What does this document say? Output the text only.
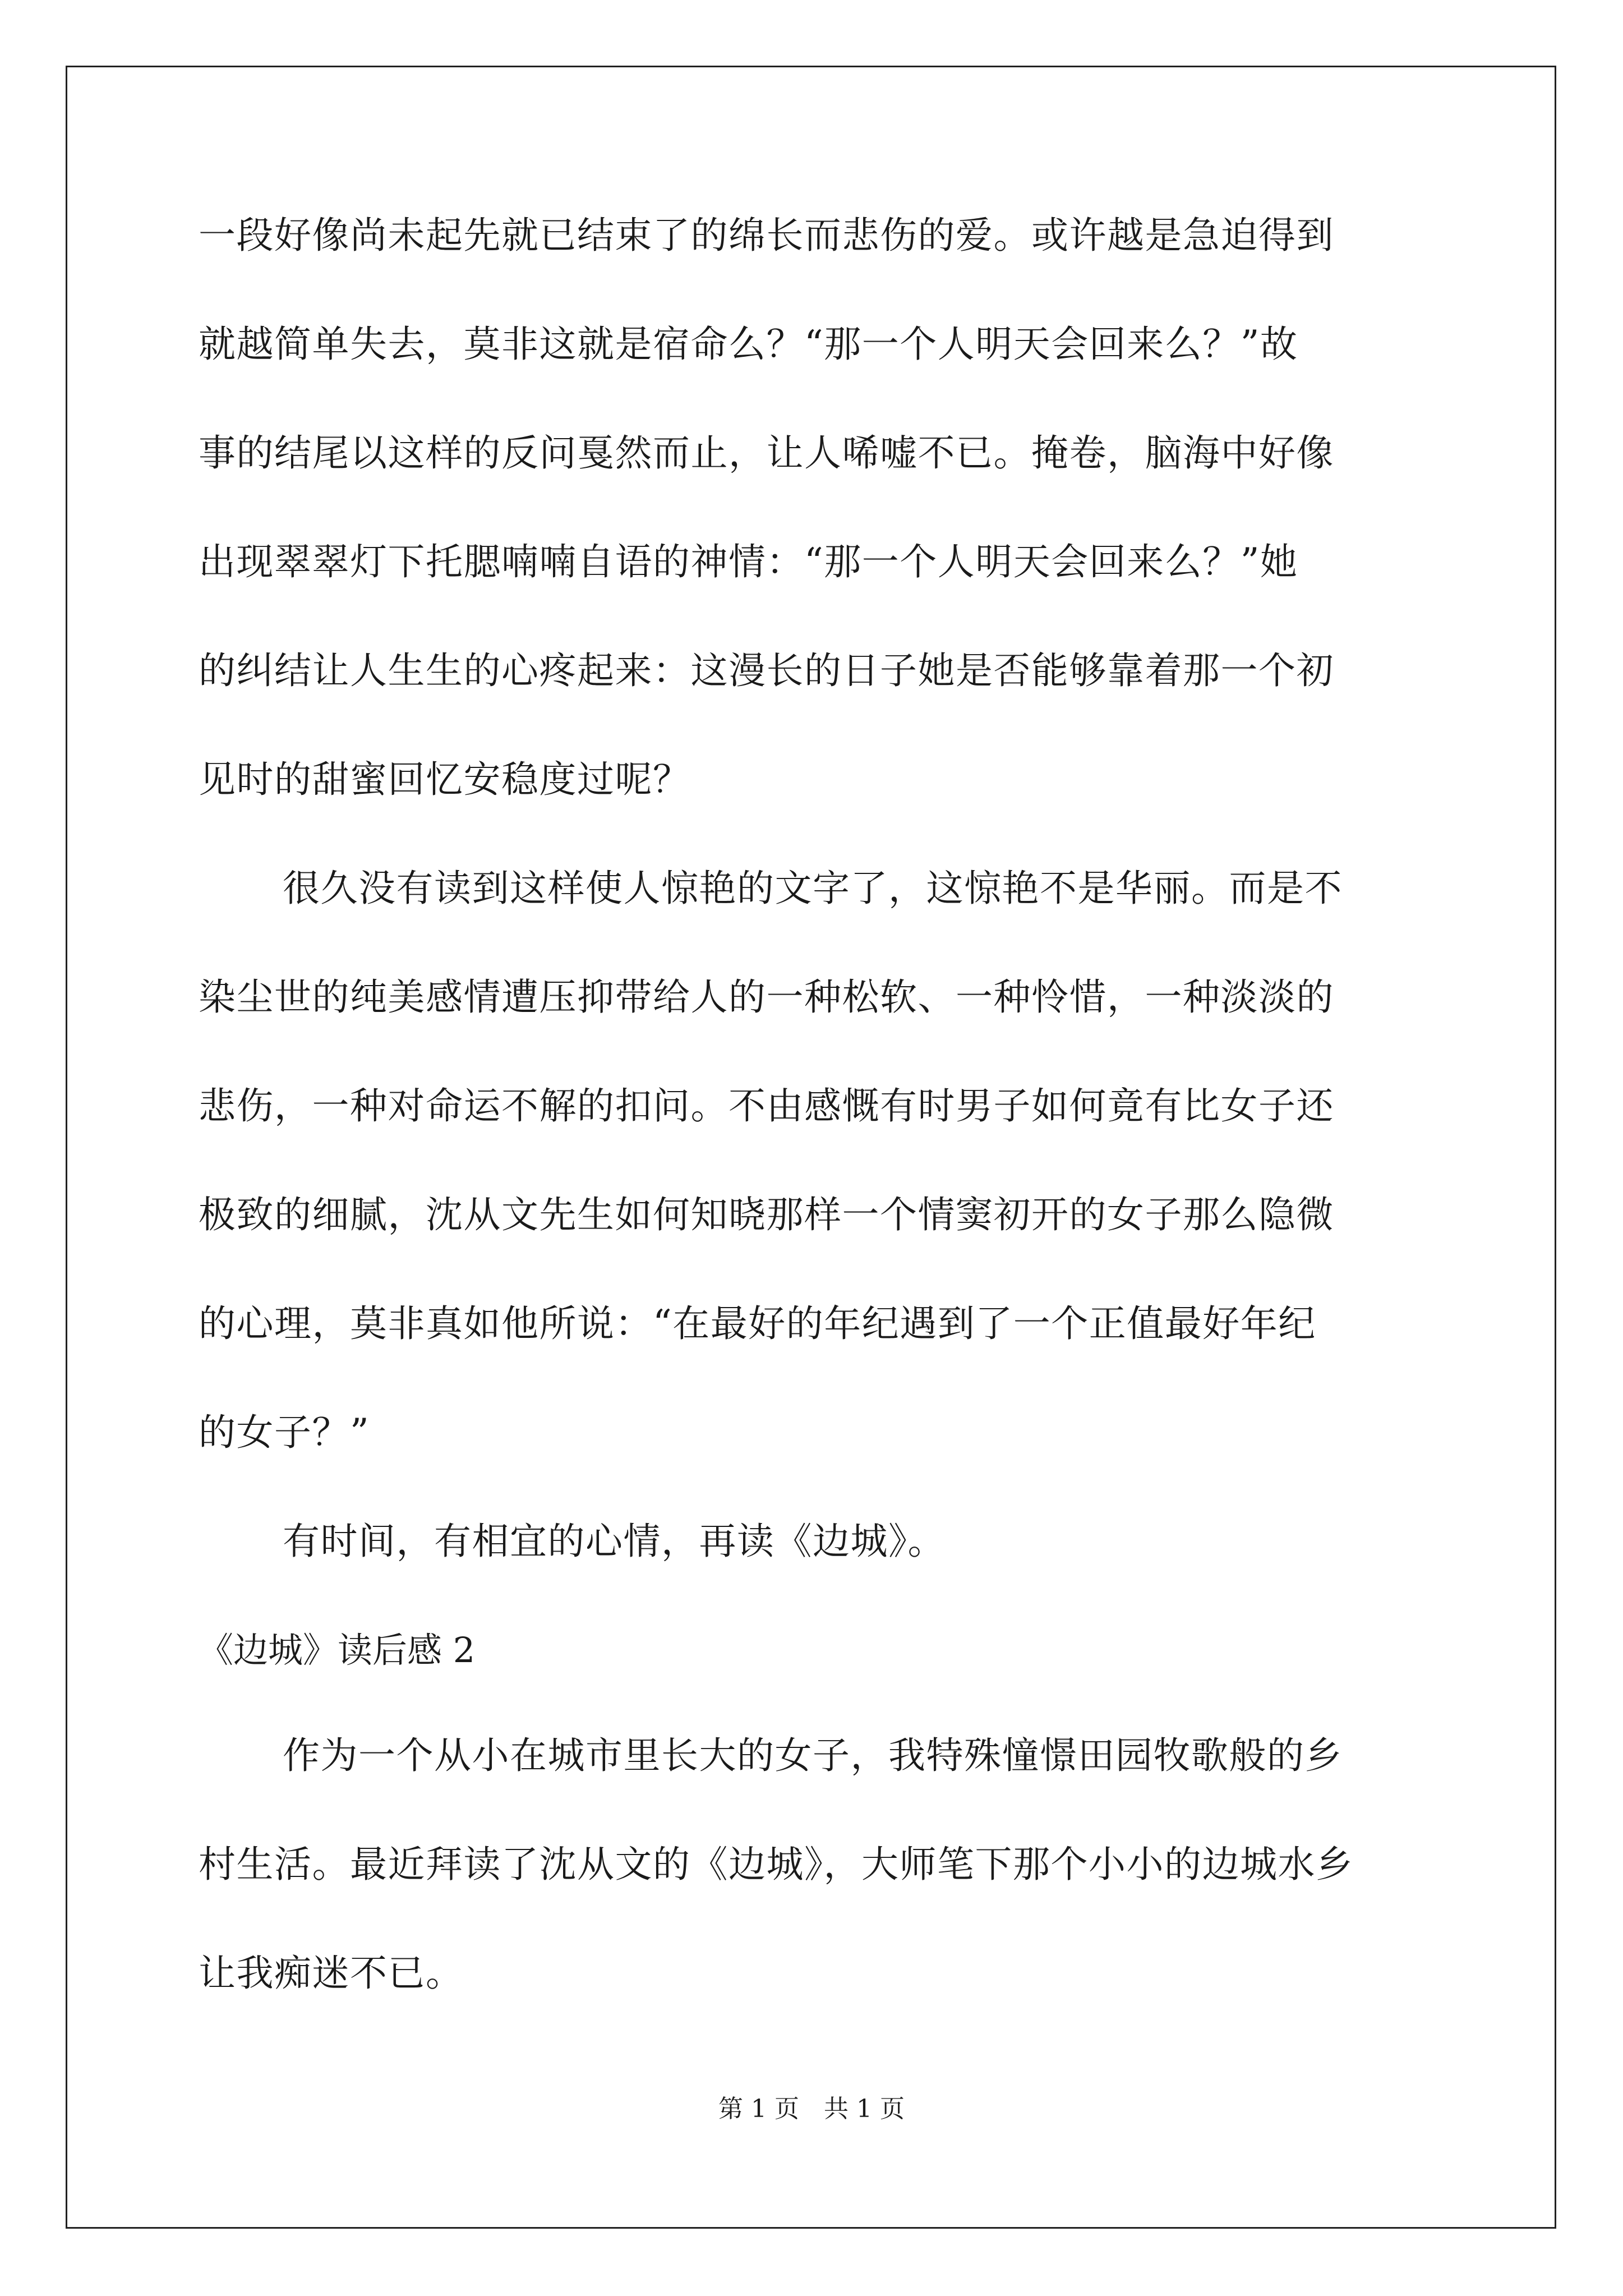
一段好像尚未起先就已结束了的绵长而悲伤的爱。或许越是急迫得到
就越简单失去，莫非这就是宿命么？“那一个人明天会回来么？”故
事的结尾以这样的反问戛然而止，让人唏嘘不已。掩卷，脑海中好像
出现翠翠灯下托腮喃喃自语的神情：“那一个人明天会回来么？”她
的纠结让人生生的心疼起来：这漫长的日子她是否能够靠着那一个初
见时的甜蜜回忆安稳度过呢？
很久没有读到这样使人惊艳的文字了，这惊艳不是华丽。而是不
染尘世的纯美感情遭压抑带给人的一种松软、一种怜惜，一种淡淡的
悲伤，一种对命运不解的扣问。不由感慨有时男子如何竟有比女子还
极致的细腻，沈从文先生如何知晓那样一个情窦初开的女子那么隐微
的心理，莫非真如他所说：“在最好的年纪遇到了一个正值最好年纪
的女子？”
有时间，有相宜的心情，再读《边城》。
《边城》读后感 2
作为一个从小在城市里长大的女子，我特殊憧憬田园牧歌般的乡
村生活。最近拜读了沈从文的《边城》，大师笔下那个小小的边城水乡
让我痴迷不已。
第 1 页　共 1 页
